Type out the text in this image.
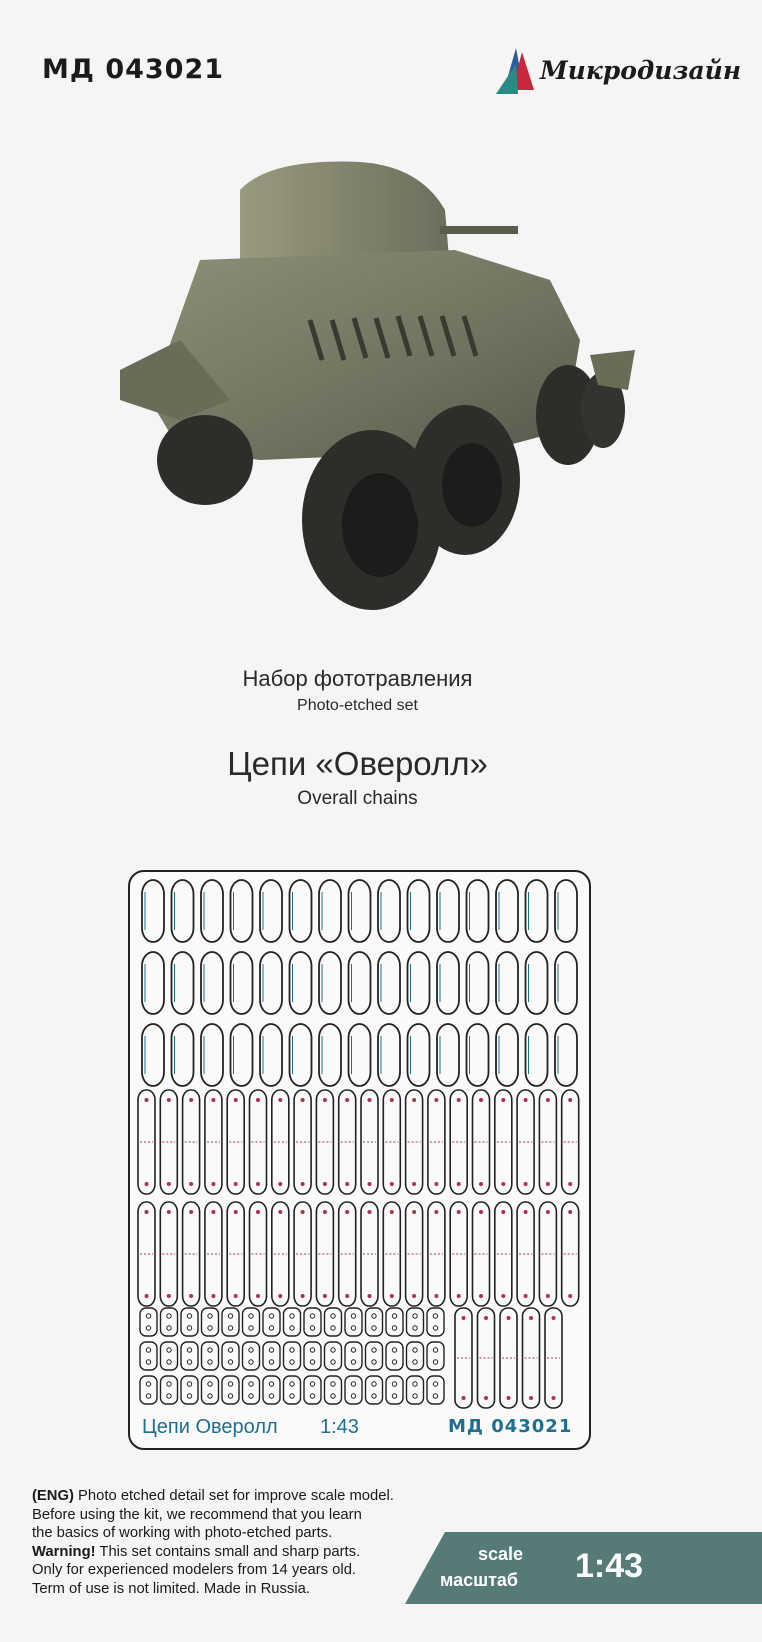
МД 043021	Микродизайн
Набор фототравления
Photo-etched set
Цепи «Оверолл»
Overall chains
Цепи Оверолл 1:43	МД 043021

(ENG) Photo etched detail set for improve scale model.

Before using the kit, we recommend that you learn

the basics of working with photo-etched parts.

Warning! This set contains small and sharp parts.

Only for experienced modelers from 14 years old.

Term of use is not limited. Made in Russia.

scale
масштаб 1:43
